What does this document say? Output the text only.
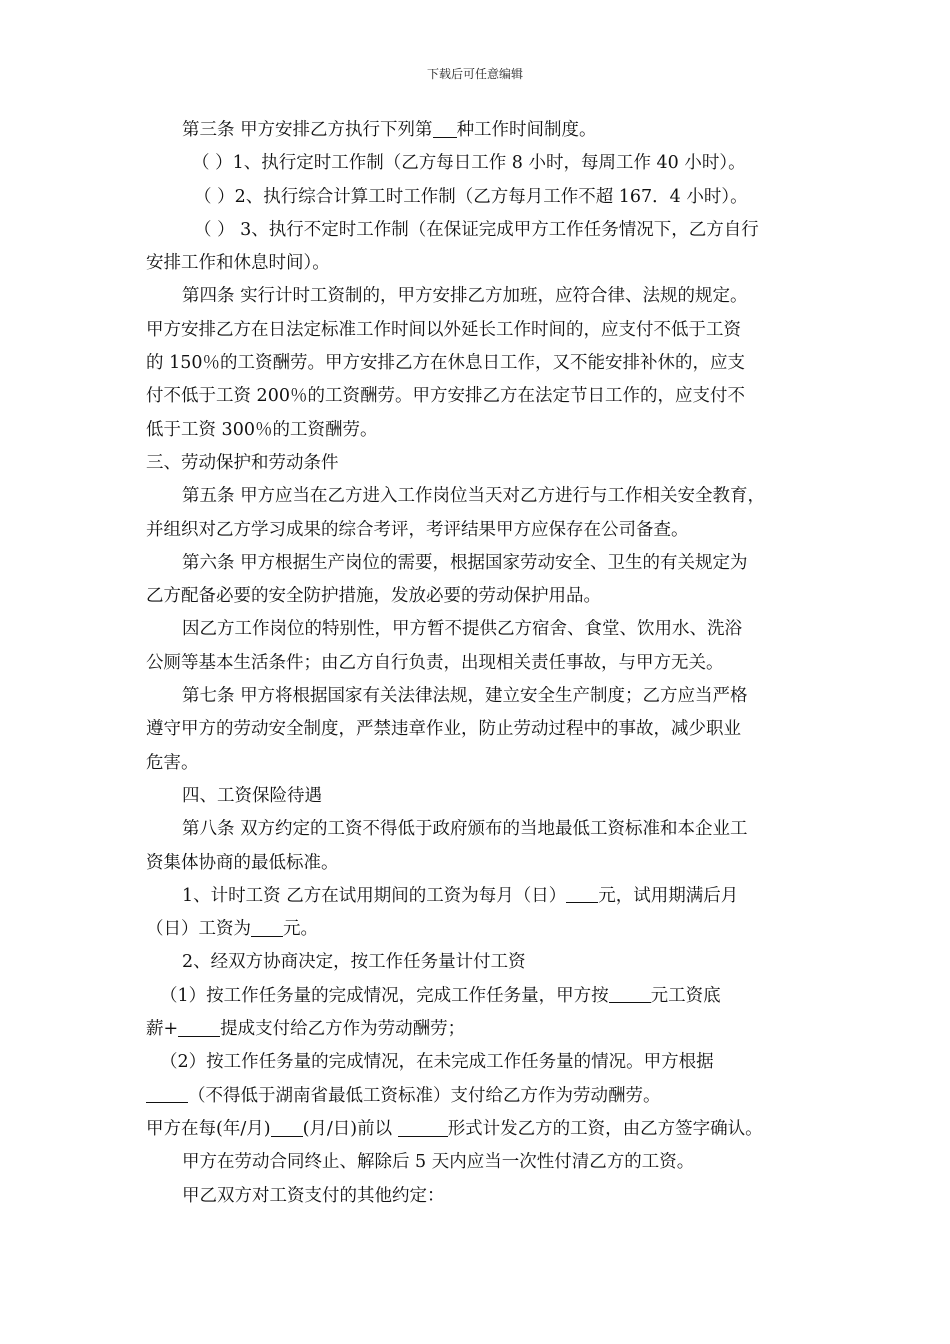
下载后可任意编辑

第三条 甲方安排乙方执行下列第 种工作时间制度。

（ ）1、执行定时工作制（乙方每日工作 8 小时，每周工作 40 小时）。

（ ）2、执行综合计算工时工作制（乙方每月工作不超 167．4 小时）。

（ ） 3、执行不定时工作制（在保证完成甲方工作任务情况下，乙方自行

安排工作和休息时间）。

第四条 实行计时工资制的，甲方安排乙方加班，应符合律、法规的规定。

甲方安排乙方在日法定标准工作时间以外延长工作时间的，应支付不低于工资

的 150％的工资酬劳。甲方安排乙方在休息日工作，又不能安排补休的，应支

付不低于工资 200％的工资酬劳。甲方安排乙方在法定节日工作的，应支付不

低于工资 300％的工资酬劳。

三、劳动保护和劳动条件

第五条 甲方应当在乙方进入工作岗位当天对乙方进行与工作相关安全教育，

并组织对乙方学习成果的综合考评，考评结果甲方应保存在公司备查。

第六条 甲方根据生产岗位的需要，根据国家劳动安全、卫生的有关规定为

乙方配备必要的安全防护措施，发放必要的劳动保护用品。

因乙方工作岗位的特别性，甲方暂不提供乙方宿舍、食堂、饮用水、洗浴

公厕等基本生活条件；由乙方自行负责，出现相关责任事故，与甲方无关。

第七条 甲方将根据国家有关法律法规，建立安全生产制度；乙方应当严格

遵守甲方的劳动安全制度，严禁违章作业，防止劳动过程中的事故，减少职业

危害。

四、工资保险待遇

第八条 双方约定的工资不得低于政府颁布的当地最低工资标准和本企业工

资集体协商的最低标准。

1、计时工资 乙方在试用期间的工资为每月（日） 元，试用期满后月

（日）工资为 元。

2、经双方协商决定，按工作任务量计付工资

（1）按工作任务量的完成情况，完成工作任务量，甲方按 元工资底

薪+ 提成支付给乙方作为劳动酬劳；

（2）按工作任务量的完成情况，在未完成工作任务量的情况。甲方根据

（不得低于湖南省最低工资标准）支付给乙方作为劳动酬劳。

甲方在每(年/月) (月/日)前以	形式计发乙方的工资，由乙方签字确认。

甲方在劳动合同终止、解除后 5 天内应当一次性付清乙方的工资。

甲乙双方对工资支付的其他约定：
